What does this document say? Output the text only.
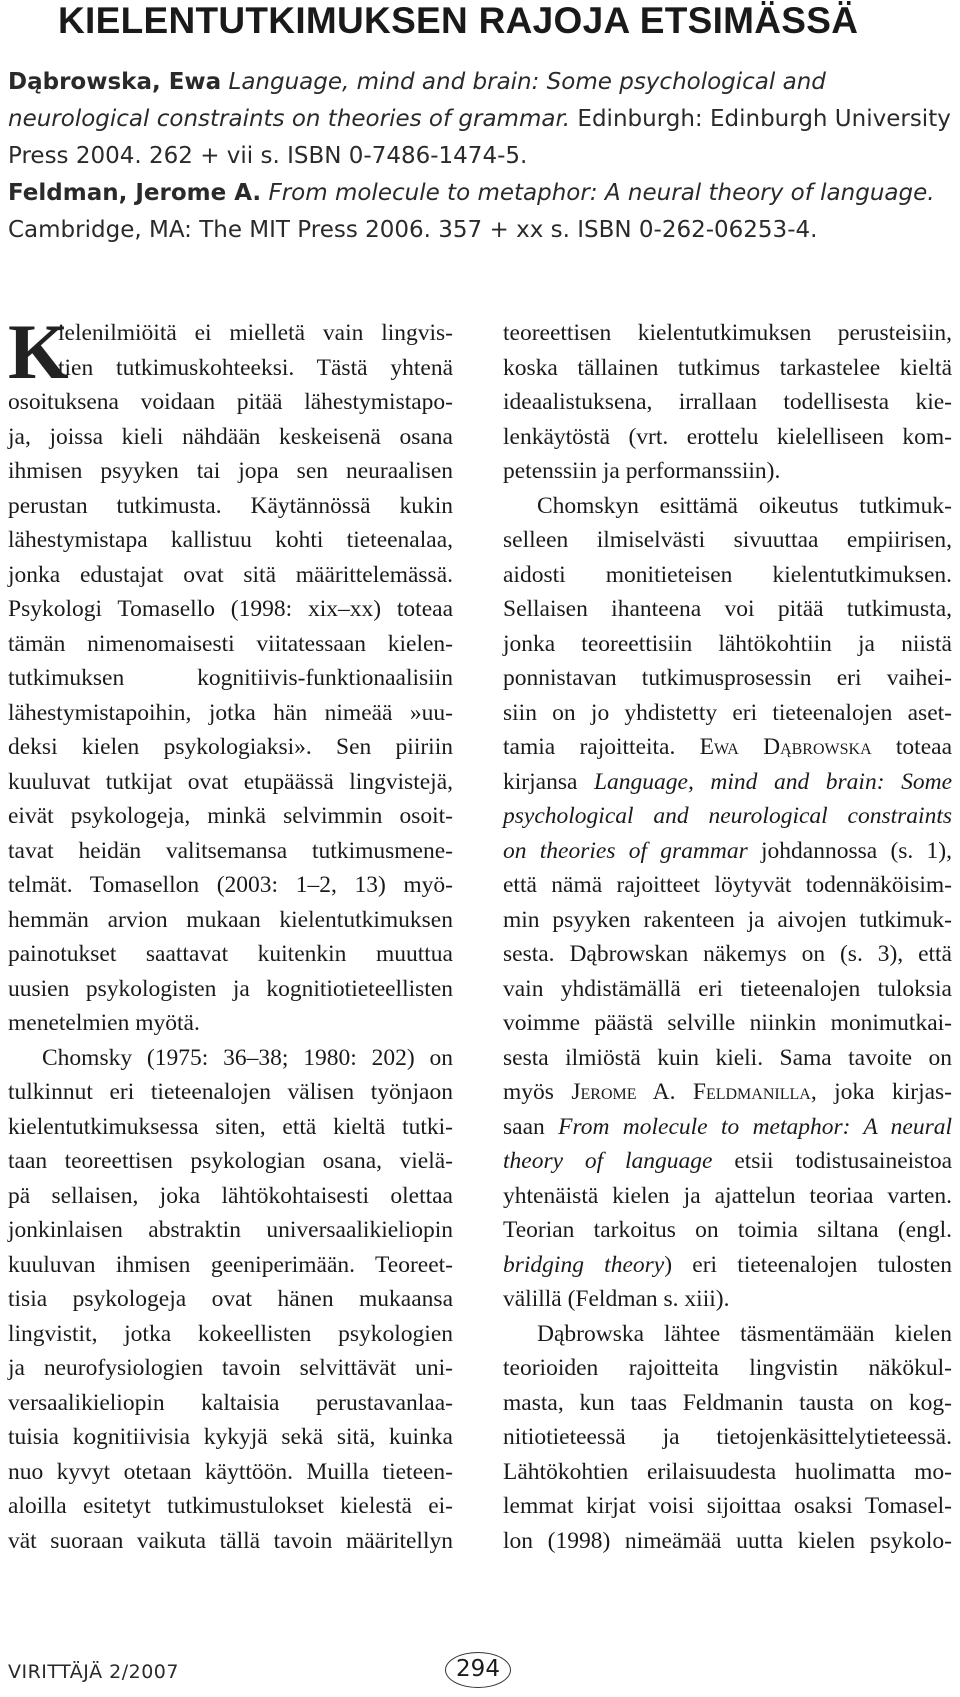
KIELENTUTKIMUKSEN RAJOJA ETSIMÄSSÄ

Dąbrowska, Ewa Language, mind and brain: Some psychological and neurological constraints on theories of grammar. Edinburgh: Edinburgh University Press 2004. 262 + vii s. ISBN 0-7486-1474-5.

Feldman, Jerome A. From molecule to metaphor: A neural theory of language. Cambridge, MA: The MIT Press 2006. 357 + xx s. ISBN 0-262-06253-4.

K
ielenilmiöitä ei mielletä vain lingvis-
tien tutkimuskohteeksi. Tästä yhtenä
osoituksena voidaan pitää lähestymistapo-
ja, joissa kieli nähdään keskeisenä osana
ihmisen psyyken tai jopa sen neuraalisen
perustan tutkimusta. Käytännössä kukin
lähestymistapa kallistuu kohti tieteenalaa,
jonka edustajat ovat sitä määrittelemässä.
Psykologi Tomasello (1998: xix–xx) toteaa
tämän nimenomaisesti viitatessaan kielen-
tutkimuksen kognitiivis-funktionaalisiin
lähestymistapoihin, jotka hän nimeää »uu-
deksi kielen psykologiaksi». Sen piiriin
kuuluvat tutkijat ovat etupäässä lingvistejä,
eivät psykologeja, minkä selvimmin osoit-
tavat heidän valitsemansa tutkimusmene-
telmät. Tomasellon (2003: 1–2, 13) myö-
hemmän arvion mukaan kielentutkimuksen
painotukset saattavat kuitenkin muuttua
uusien psykologisten ja kognitiotieteellisten
menetelmien myötä.
Chomsky (1975: 36–38; 1980: 202) on
tulkinnut eri tieteenalojen välisen työnjaon
kielentutkimuksessa siten, että kieltä tutki-
taan teoreettisen psykologian osana, vielä-
pä sellaisen, joka lähtökohtaisesti olettaa
jonkinlaisen abstraktin universaalikieliopin
kuuluvan ihmisen geeniperimään. Teoreet-
tisia psykologeja ovat hänen mukaansa
lingvistit, jotka kokeellisten psykologien
ja neurofysiologien tavoin selvittävät uni-
versaalikieliopin kaltaisia perustavanlaa-
tuisia kognitiivisia kykyjä sekä sitä, kuinka
nuo kyvyt otetaan käyttöön. Muilla tieteen-
aloilla esitetyt tutkimustulokset kielestä ei-
vät suoraan vaikuta tällä tavoin määritellyn
teoreettisen kielentutkimuksen perusteisiin,
koska tällainen tutkimus tarkastelee kieltä
ideaalistuksena, irrallaan todellisesta kie-
lenkäytöstä (vrt. erottelu kielelliseen kom-
petenssiin ja performanssiin).
Chomskyn esittämä oikeutus tutkimuk-
selleen ilmiselvästi sivuuttaa empiirisen,
aidosti monitieteisen kielentutkimuksen.
Sellaisen ihanteena voi pitää tutkimusta,
jonka teoreettisiin lähtökohtiin ja niistä
ponnistavan tutkimusprosessin eri vaihei-
siin on jo yhdistetty eri tieteenalojen aset-
tamia rajoitteita. Ewa Dąbrowska toteaa
kirjansa Language, mind and brain: Some
psychological and neurological constraints
on theories of grammar johdannossa (s. 1),
että nämä rajoitteet löytyvät todennäköisim-
min psyyken rakenteen ja aivojen tutkimuk-
sesta. Dąbrowskan näkemys on (s. 3), että
vain yhdistämällä eri tieteenalojen tuloksia
voimme päästä selville niinkin monimutkai-
sesta ilmiöstä kuin kieli. Sama tavoite on
myös Jerome A. Feldmanilla, joka kirjas-
saan From molecule to metaphor: A neural
theory of language etsii todistusaineistoa
yhtenäistä kielen ja ajattelun teoriaa varten.
Teorian tarkoitus on toimia siltana (engl.
bridging theory) eri tieteenalojen tulosten
välillä (Feldman s. xiii).
Dąbrowska lähtee täsmentämään kielen
teorioiden rajoitteita lingvistin näkökul-
masta, kun taas Feldmanin tausta on kog-
nitiotieteessä ja tietojenkäsittelytieteessä.
Lähtökohtien erilaisuudesta huolimatta mo-
lemmat kirjat voisi sijoittaa osaksi Tomasel-
lon (1998) nimeämää uutta kielen psykolo-
VIRITTÄJÄ 2/2007	294
